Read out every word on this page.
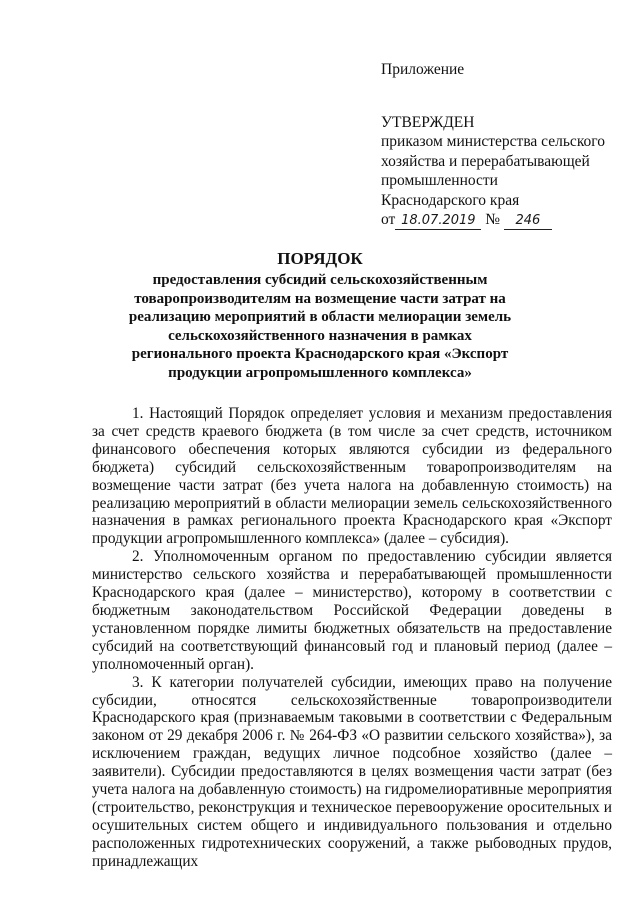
Приложение
УТВЕРЖДЕН
приказом министерства сельского
хозяйства и перерабатывающей
промышленности
Краснодарского края
от 18.07.2019 № 246
ПОРЯДОК
предоставления субсидий сельскохозяйственным товаропроизводителям на возмещение части затрат на реализацию мероприятий в области мелиорации земель сельскохозяйственного назначения в рамках регионального проекта Краснодарского края «Экспорт продукции агропромышленного комплекса»

1. Настоящий Порядок определяет условия и механизм предоставления за счет средств краевого бюджета (в том числе за счет средств, источником финансового обеспечения которых являются субсидии из федерального бюджета) субсидий сельскохозяйственным товаропроизводителям на возмещение части затрат (без учета налога на добавленную стоимость) на реализацию мероприятий в области мелиорации земель сельскохозяйственного назначения в рамках регионального проекта Краснодарского края «Экспорт продукции агропромышленного комплекса» (далее – субсидия).

2. Уполномоченным органом по предоставлению субсидии является министерство сельского хозяйства и перерабатывающей промышленности Краснодарского края (далее – министерство), которому в соответствии с бюджетным законодательством Российской Федерации доведены в установленном порядке лимиты бюджетных обязательств на предоставление субсидий на соответствующий финансовый год и плановый период (далее – уполномоченный орган).

3. К категории получателей субсидии, имеющих право на получение субсидии, относятся сельскохозяйственные товаропроизводители Краснодарского края (признаваемым таковыми в соответствии с Федеральным законом от 29 декабря 2006 г. № 264-ФЗ «О развитии сельского хозяйства»), за исключением граждан, ведущих личное подсобное хозяйство (далее – заявители). Субсидии предоставляются в целях возмещения части затрат (без учета налога на добавленную стоимость) на гидромелиоративные мероприятия (строительство, реконструкция и техническое перевооружение оросительных и осушительных систем общего и индивидуального пользования и отдельно расположенных гидротехнических сооружений, а также рыбоводных прудов, принадлежащих
